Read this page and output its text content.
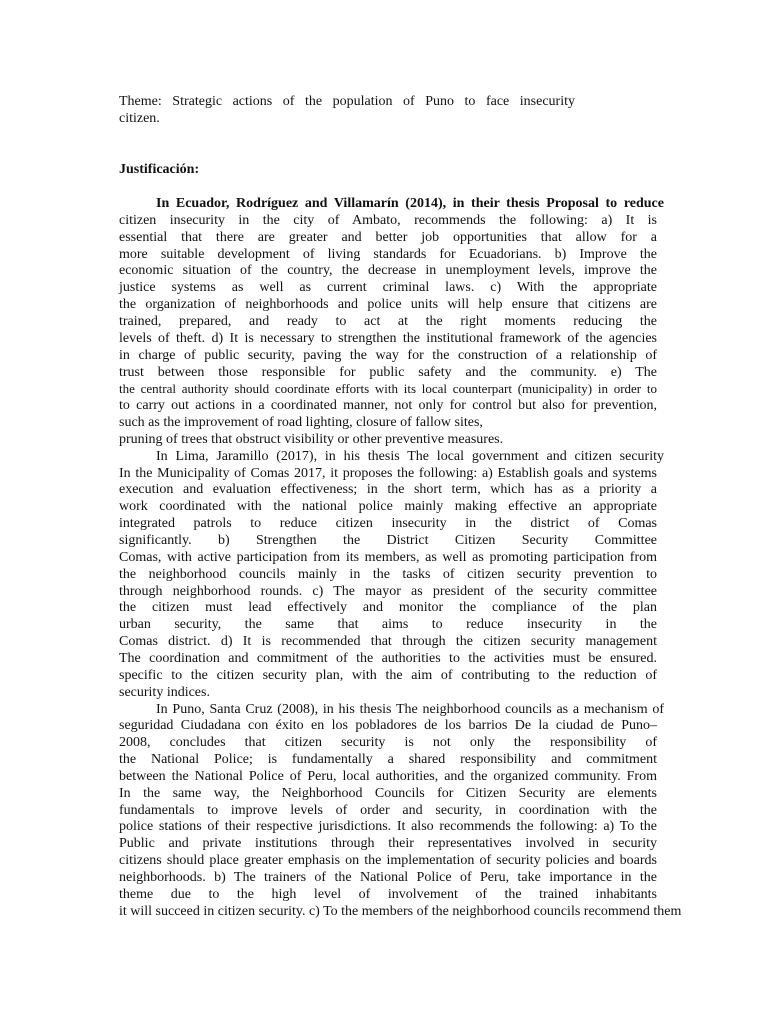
Theme: Strategic actions of the population of Puno to face insecurity
citizen.
Justificación:
In Ecuador, Rodríguez and Villamarín (2014), in their thesis Proposal to reduce
citizen insecurity in the city of Ambato, recommends the following: a) It is
essential that there are greater and better job opportunities that allow for a
more suitable development of living standards for Ecuadorians. b) Improve the
economic situation of the country, the decrease in unemployment levels, improve the
justice systems as well as current criminal laws. c) With the appropriate
the organization of neighborhoods and police units will help ensure that citizens are
trained, prepared, and ready to act at the right moments reducing the
levels of theft. d) It is necessary to strengthen the institutional framework of the agencies
in charge of public security, paving the way for the construction of a relationship of
trust between those responsible for public safety and the community. e) The
the central authority should coordinate efforts with its local counterpart (municipality) in order to
to carry out actions in a coordinated manner, not only for control but also for prevention,
such as the improvement of road lighting, closure of fallow sites,
pruning of trees that obstruct visibility or other preventive measures.
In Lima, Jaramillo (2017), in his thesis The local government and citizen security
In the Municipality of Comas 2017, it proposes the following: a) Establish goals and systems
execution and evaluation effectiveness; in the short term, which has as a priority a
work coordinated with the national police mainly making effective an appropriate
integrated patrols to reduce citizen insecurity in the district of Comas
significantly. b) Strengthen the District Citizen Security Committee
Comas, with active participation from its members, as well as promoting participation from
the neighborhood councils mainly in the tasks of citizen security prevention to
through neighborhood rounds. c) The mayor as president of the security committee
the citizen must lead effectively and monitor the compliance of the plan
urban security, the same that aims to reduce insecurity in the
Comas district. d) It is recommended that through the citizen security management
The coordination and commitment of the authorities to the activities must be ensured.
specific to the citizen security plan, with the aim of contributing to the reduction of
security indices.
In Puno, Santa Cruz (2008), in his thesis The neighborhood councils as a mechanism of
seguridad Ciudadana con éxito en los pobladores de los barrios De la ciudad de Puno–
2008, concludes that citizen security is not only the responsibility of
the National Police; is fundamentally a shared responsibility and commitment
between the National Police of Peru, local authorities, and the organized community. From
In the same way, the Neighborhood Councils for Citizen Security are elements
fundamentals to improve levels of order and security, in coordination with the
police stations of their respective jurisdictions. It also recommends the following: a) To the
Public and private institutions through their representatives involved in security
citizens should place greater emphasis on the implementation of security policies and boards
neighborhoods. b) The trainers of the National Police of Peru, take importance in the
theme due to the high level of involvement of the trained inhabitants
it will succeed in citizen security. c) To the members of the neighborhood councils recommend them
